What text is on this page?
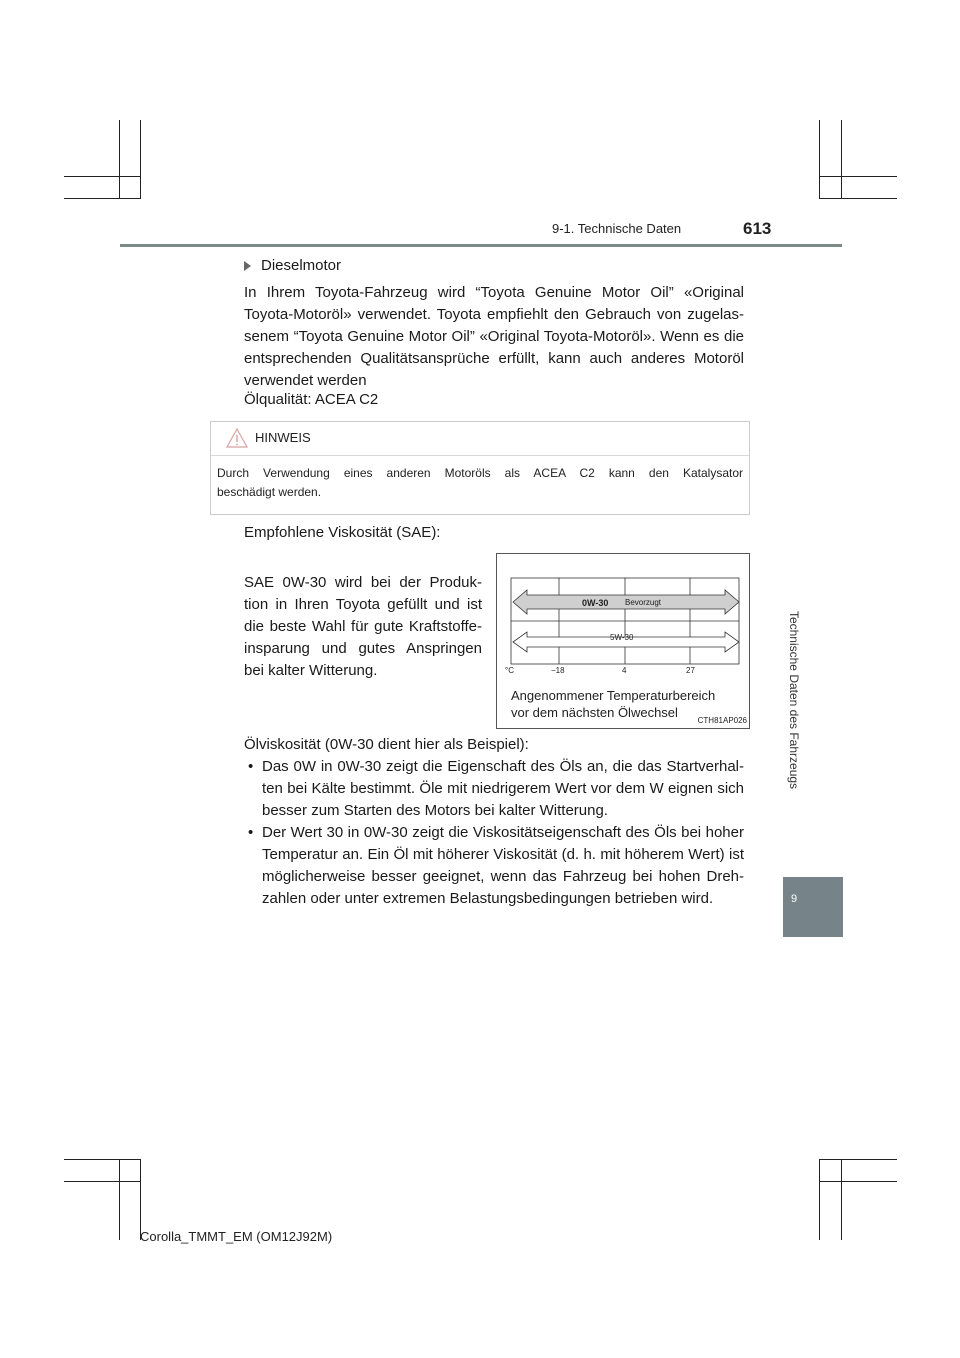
9-1. Technische Daten	613
Technische Daten des Fahrzeugs
9
Dieselmotor
In Ihrem Toyota-Fahrzeug wird “Toyota Genuine Motor Oil” «Original
Toyota-Motoröl» verwendet. Toyota empfiehlt den Gebrauch von zugelas-
senem “Toyota Genuine Motor Oil” «Original Toyota-Motoröl». Wenn es die
entsprechenden Qualitätsansprüche erfüllt, kann auch anderes Motoröl
verwendet werden
Ölqualität: ACEA C2
HINWEIS
Durch Verwendung eines anderen Motoröls als ACEA C2 kann den Katalysator
beschädigt werden.
Empfohlene Viskosität (SAE):
SAE 0W-30 wird bei der Produk-
tion in Ihren Toyota gefüllt und ist
die beste Wahl für gute Kraftstoffe-
insparung und gutes Anspringen
bei kalter Witterung.
0W-30 Bevorzugt
5W-30
°C	−18	4	27
Angenommener Temperaturbereich
vor dem nächsten Ölwechsel
CTH81AP026
Ölviskosität (0W-30 dient hier als Beispiel):
• Das 0W in 0W-30 zeigt die Eigenschaft des Öls an, die das Startverhal-
ten bei Kälte bestimmt. Öle mit niedrigerem Wert vor dem W eignen sich
besser zum Starten des Motors bei kalter Witterung.
• Der Wert 30 in 0W-30 zeigt die Viskositätseigenschaft des Öls bei hoher
Temperatur an. Ein Öl mit höherer Viskosität (d. h. mit höherem Wert) ist
möglicherweise besser geeignet, wenn das Fahrzeug bei hohen Dreh-
zahlen oder unter extremen Belastungsbedingungen betrieben wird.
Corolla_TMMT_EM (OM12J92M)
